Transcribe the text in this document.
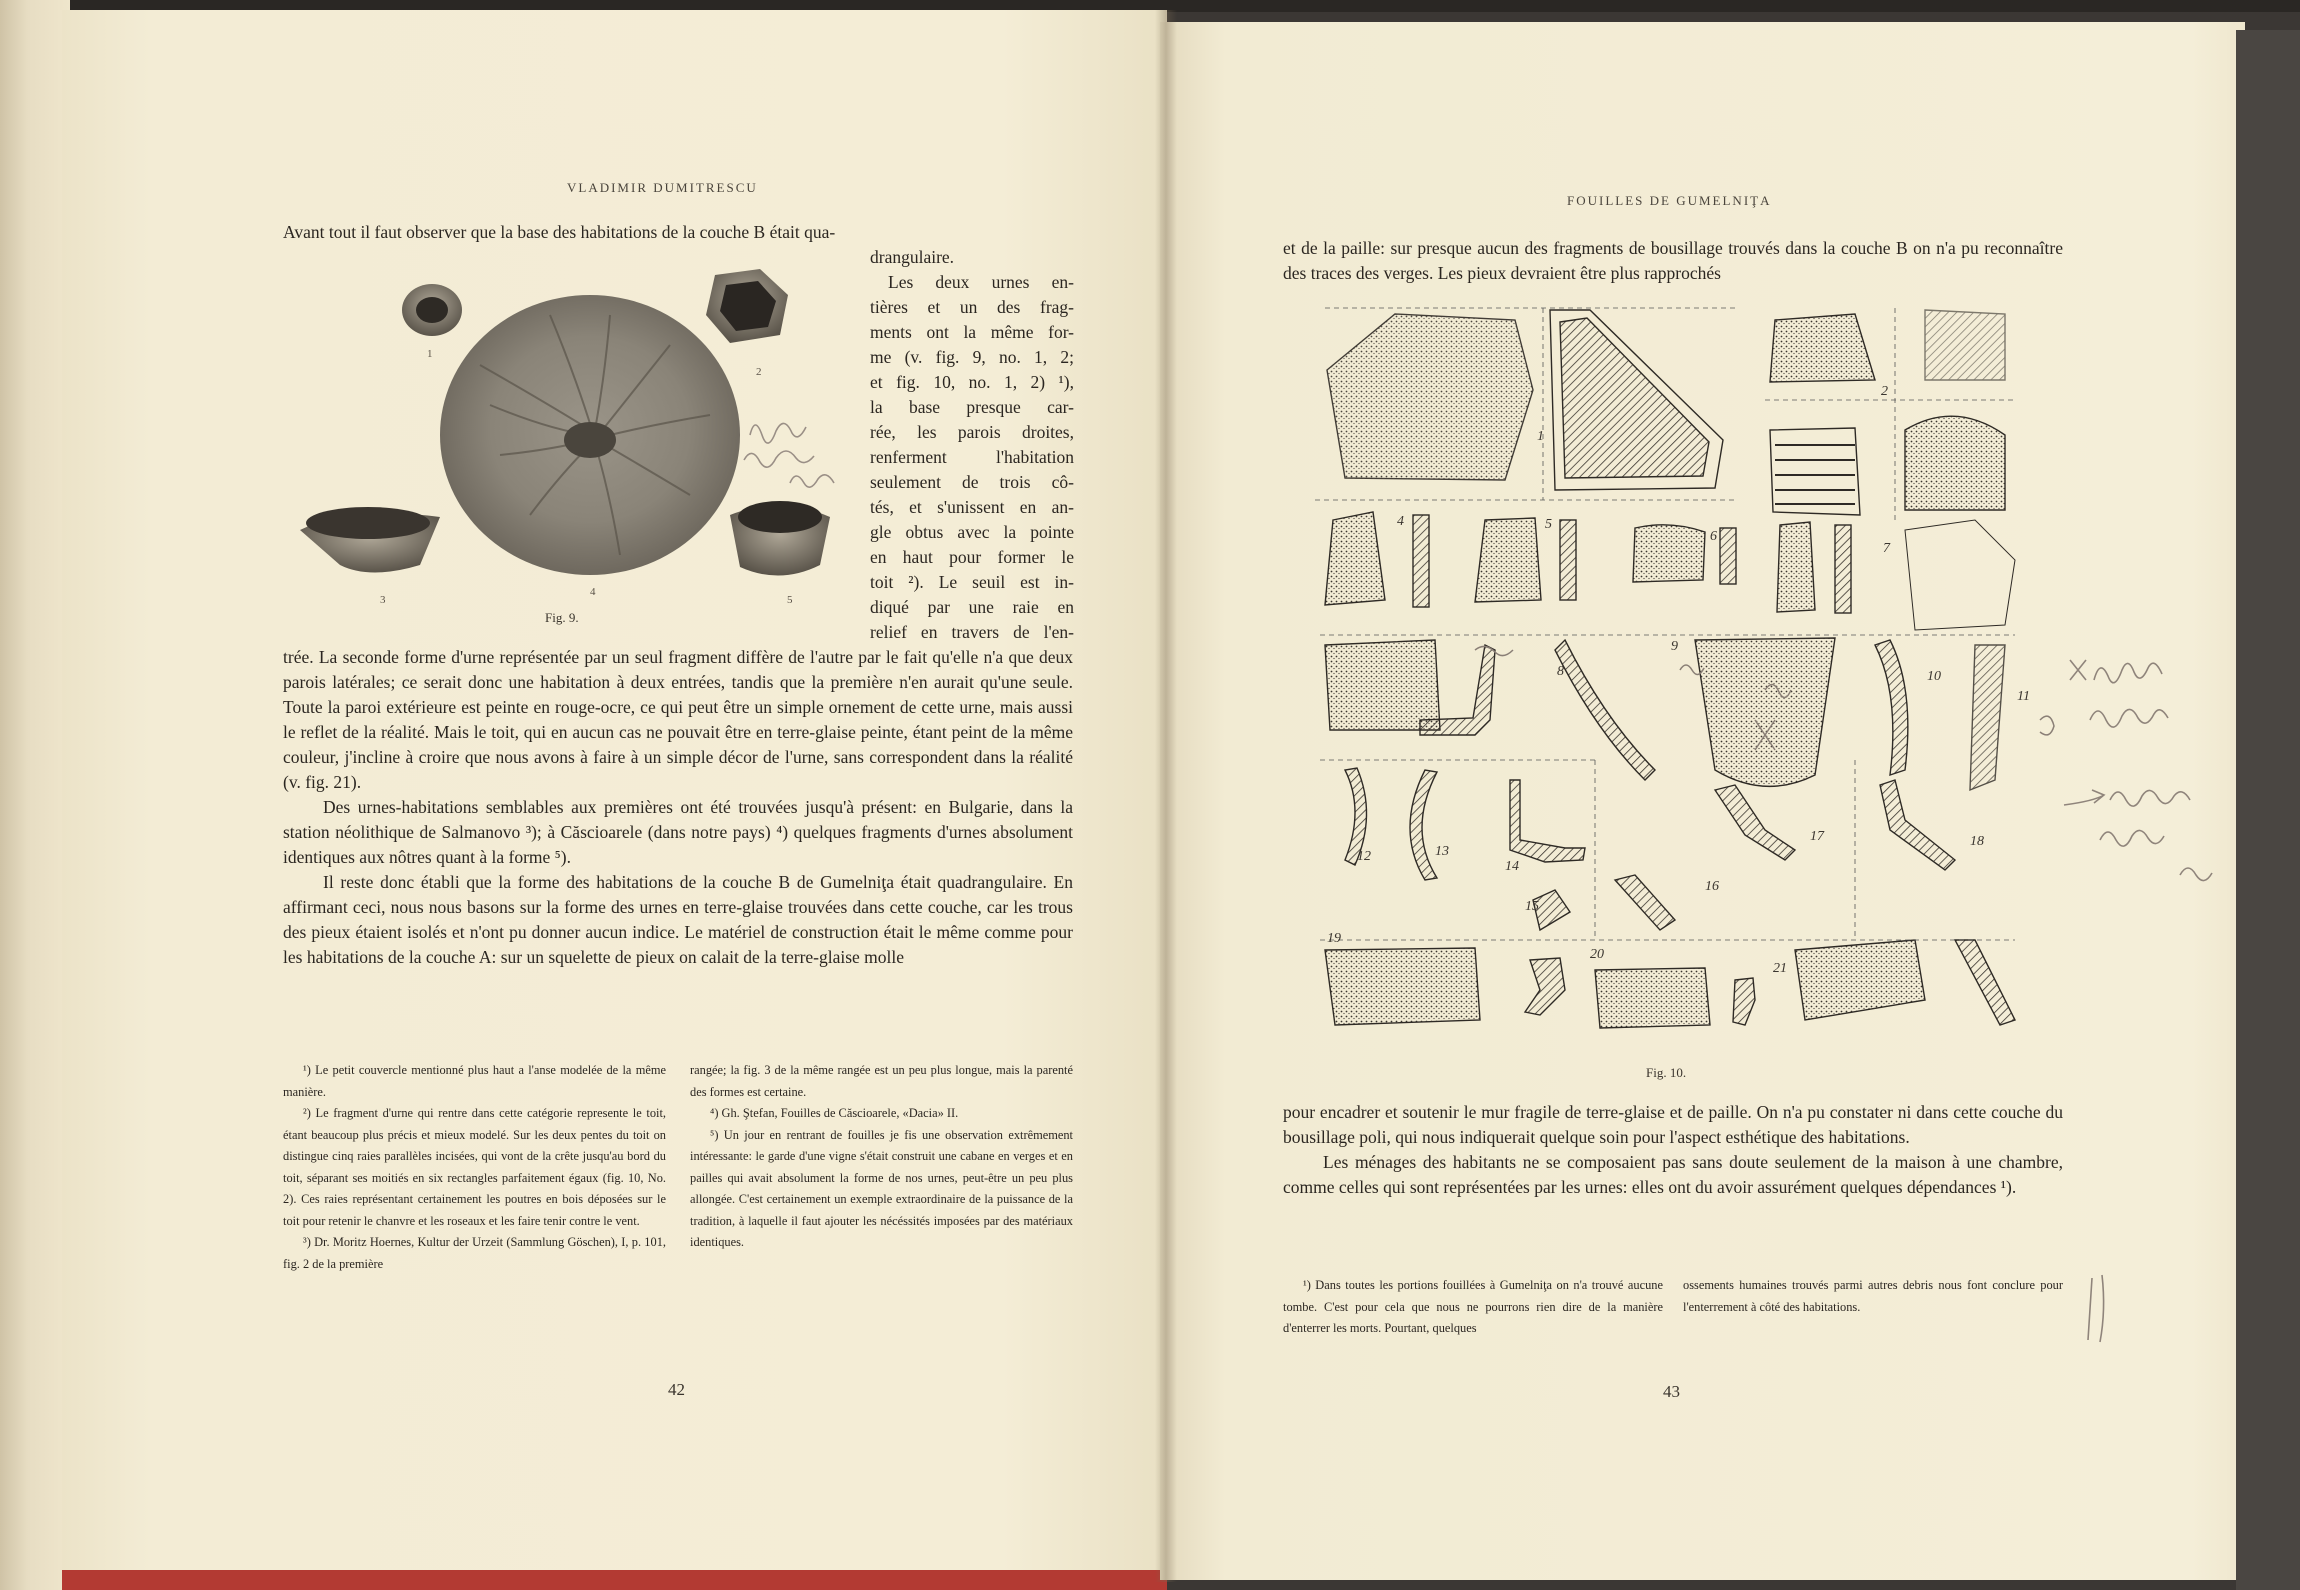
VLADIMIR DUMITRESCU
Avant tout il faut observer que la base des habitations de la couche B était qua-
1
2
3
4
5
Fig. 9.

drangulaire.

Les deux urnes en-

tières et un des frag-

ments ont la même for-

me (v. fig. 9, no. 1, 2;

et fig. 10, no. 1, 2) ¹),

la base presque car-

rée, les parois droites,

renferment l'habitation

seulement de trois cô-

tés, et s'unissent en an-

gle obtus avec la pointe

en haut pour former le

toit ²). Le seuil est in-

diqué par une raie en

relief en travers de l'en-

trée. La seconde forme d'urne représentée par un seul fragment diffère de l'autre par le fait qu'elle n'a que deux parois latérales; ce serait donc une habitation à deux entrées, tandis que la première n'en aurait qu'une seule. Toute la paroi extérieure est peinte en rouge-ocre, ce qui peut être un simple ornement de cette urne, mais aussi le reflet de la réalité. Mais le toit, qui en aucun cas ne pouvait être en terre-glaise peinte, étant peint de la même couleur, j'incline à croire que nous avons à faire à un simple décor de l'urne, sans correspondent dans la réalité (v. fig. 21).

Des urnes-habitations semblables aux premières ont été trouvées jusqu'à présent: en Bulgarie, dans la station néolithique de Salmanovo ³); à Căscioarele (dans notre pays) ⁴) quelques fragments d'urnes absolument identiques aux nôtres quant à la forme ⁵).

Il reste donc établi que la forme des habitations de la couche B de Gumelniţa était quadrangulaire. En affirmant ceci, nous nous basons sur la forme des urnes en terre-glaise trouvées dans cette couche, car les trous des pieux étaient isolés et n'ont pu donner aucun indice. Le matériel de construction était le même comme pour les habitations de la couche A: sur un squelette de pieux on calait de la terre-glaise molle

¹) Le petit couvercle mentionné plus haut a l'anse modelée de la même manière.

²) Le fragment d'urne qui rentre dans cette catégorie represente le toit, étant beaucoup plus précis et mieux modelé. Sur les deux pentes du toit on distingue cinq raies parallèles incisées, qui vont de la crête jusqu'au bord du toit, séparant ses moitiés en six rectangles parfaitement égaux (fig. 10, No. 2). Ces raies représentant certainement les poutres en bois déposées sur le toit pour retenir le chanvre et les roseaux et les faire tenir contre le vent.

³) Dr. Moritz Hoernes, Kultur der Urzeit (Sammlung Göschen), I, p. 101, fig. 2 de la première

rangée; la fig. 3 de la même rangée est un peu plus longue, mais la parenté des formes est certaine.

⁴) Gh. Ştefan, Fouilles de Căscioarele, «Dacia» II.

⁵) Un jour en rentrant de fouilles je fis une observation extrêmement intéressante: le garde d'une vigne s'était construit une cabane en verges et en pailles qui avait absolument la forme de nos urnes, peut-être un peu plus allongée. C'est certainement un exemple extraordinaire de la puissance de la tradition, à laquelle il faut ajouter les nécéssités imposées par des matériaux identiques.

42
FOUILLES DE GUMELNIŢA
et de la paille: sur presque aucun des fragments de bousillage trouvés dans la couche B on n'a pu reconnaître des traces des verges. Les pieux devraient être plus rapprochés
1
2
4	5
6
7
8
9
10
11
12	13
14
15
16
17	18
19
20
21
Fig. 10.

pour encadrer et soutenir le mur fragile de terre-glaise et de paille. On n'a pu constater ni dans cette couche du bousillage poli, qui nous indiquerait quelque soin pour l'aspect esthétique des habitations.

Les ménages des habitants ne se composaient pas sans doute seulement de la maison à une chambre, comme celles qui sont représentées par les urnes: elles ont du avoir assurément quelques dépendances ¹).

¹) Dans toutes les portions fouillées à Gumelniţa on n'a trouvé aucune tombe. C'est pour cela que nous ne pourrons rien dire de la manière d'enterrer les morts. Pourtant, quelques

ossements humaines trouvés parmi autres debris nous font conclure pour l'enterrement à côté des habitations.

43
